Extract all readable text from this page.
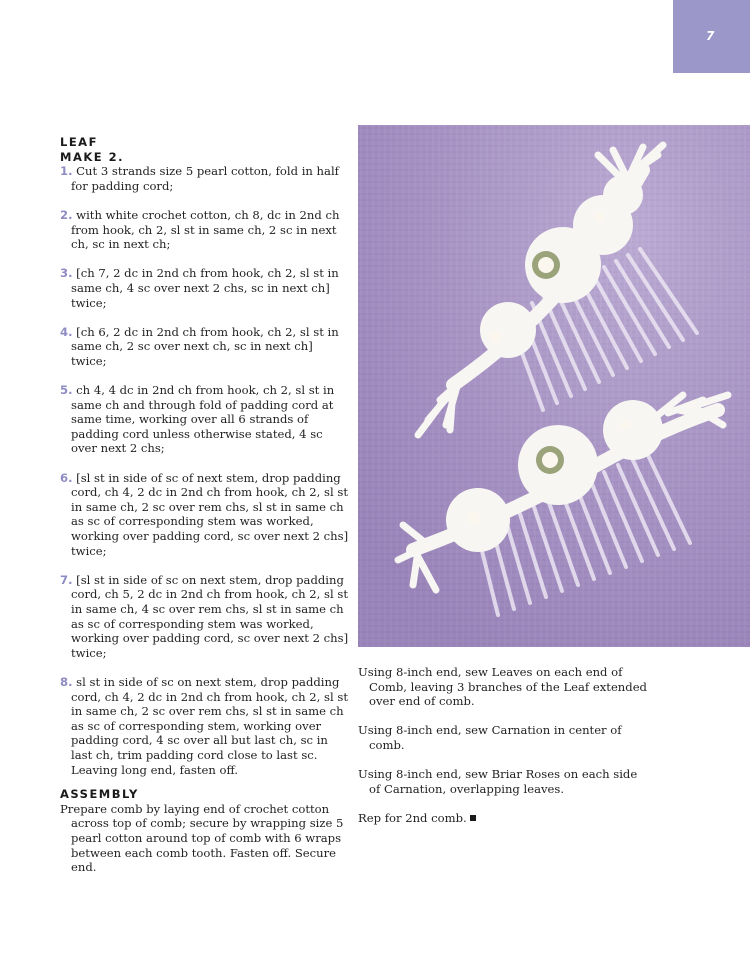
7
LEAF
MAKE 2.

1. Cut 3 strands size 5 pearl cotton, fold in half for padding cord;

2. with white crochet cotton, ch 8, dc in 2nd ch from hook, ch 2, sl st in same ch, 2 sc in next ch, sc in next ch;

3. [ch 7, 2 dc in 2nd ch from hook, ch 2, sl st in same ch, 4 sc over next 2 chs, sc in next ch] twice;

4. [ch 6, 2 dc in 2nd ch from hook, ch 2, sl st in same ch, 2 sc over next ch, sc in next ch] twice;

5. ch 4, 4 dc in 2nd ch from hook, ch 2, sl st in same ch and through fold of padding cord at same time, working over all 6 strands of padding cord unless otherwise stated, 4 sc over next 2 chs;

6. [sl st in side of sc of next stem, drop padding cord, ch 4, 2 dc in 2nd ch from hook, ch 2, sl st in same ch, 2 sc over rem chs, sl st in same ch as sc of corresponding stem was worked, working over padding cord, sc over next 2 chs] twice;

7. [sl st in side of sc on next stem, drop padding cord, ch 5, 2 dc in 2nd ch from hook, ch 2, sl st in same ch, 4 sc over rem chs, sl st in same ch as sc of corresponding stem was worked, working over padding cord, sc over next 2 chs] twice;

8. sl st in side of sc on next stem, drop padding cord, ch 4, 2 dc in 2nd ch from hook, ch 2, sl st in same ch, 2 sc over rem chs, sl st in same ch as sc of corresponding stem, working over padding cord, 4 sc over all but last ch, sc in last ch, trim padding cord close to last sc. Leaving long end, fasten off.

ASSEMBLY

Prepare comb by laying end of crochet cotton across top of comb; secure by wrapping size 5 pearl cotton around top of comb with 6 wraps between each comb tooth. Fasten off. Secure end.

Using 8-inch end, sew Leaves on each end of Comb, leaving 3 branches of the Leaf extended over end of comb.

Using 8-inch end, sew Carnation in center of comb.

Using 8-inch end, sew Briar Roses on each side of Carnation, overlapping leaves.

Rep for 2nd comb.
